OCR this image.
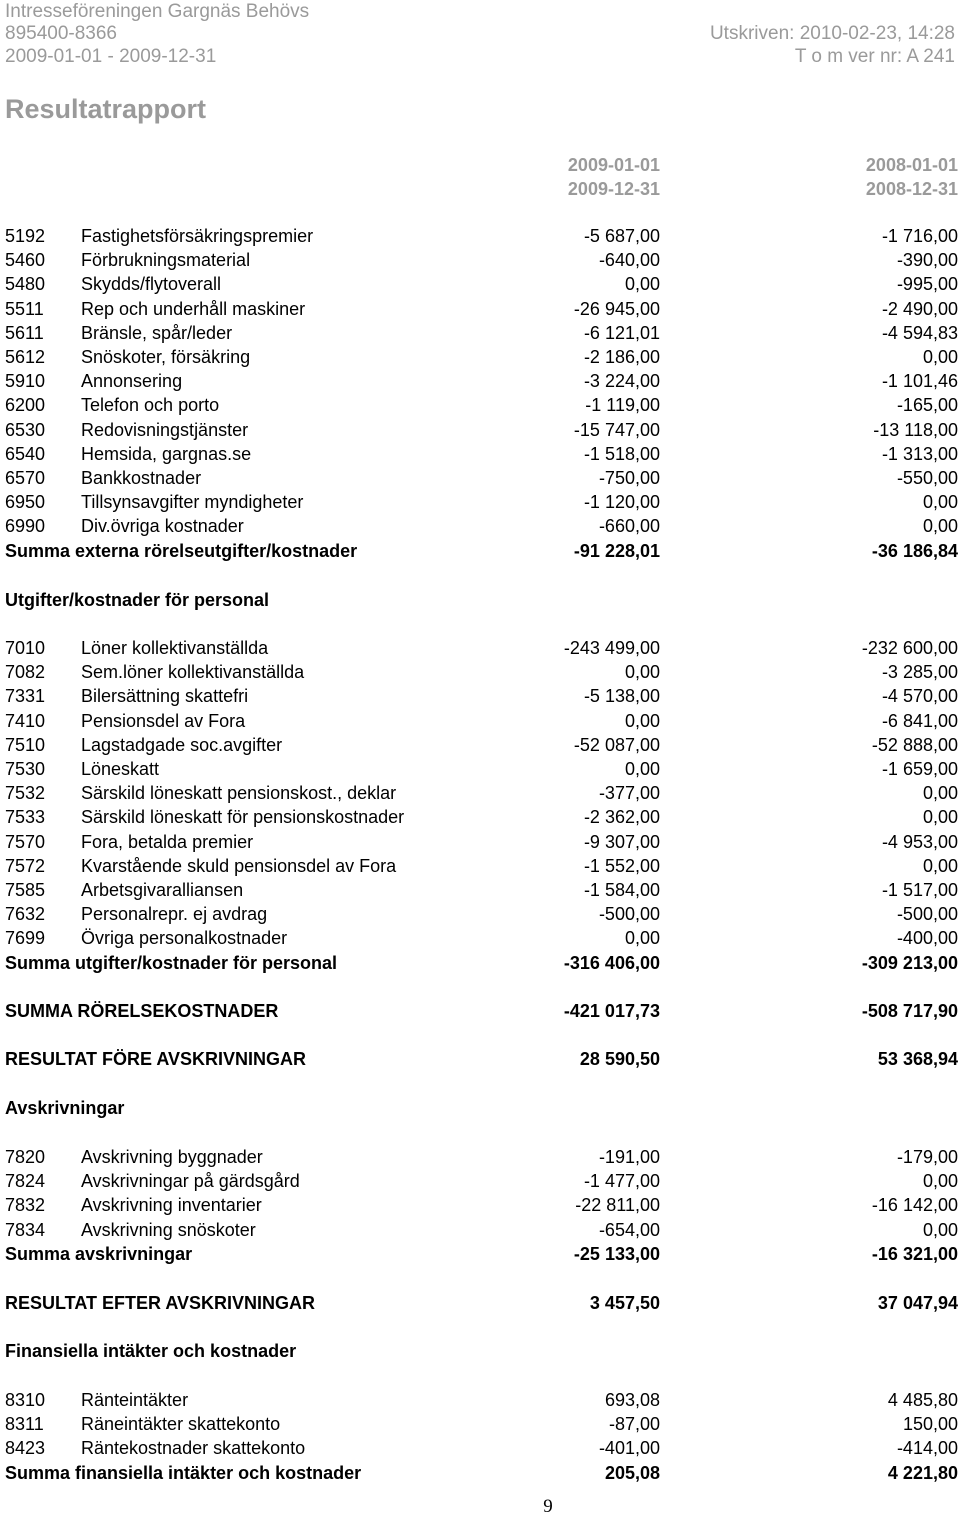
Intresseföreningen Gargnäs Behövs
895400-8366
2009-01-01 - 2009-12-31
Utskriven: 2010-02-23, 14:28
T o m ver nr: A 241
Resultatrapport
2009-01-01
2009-12-31
2008-01-01
2008-12-31
5192 Fastighetsförsäkringspremier	-5 687,00	-1 716,00
5460 Förbrukningsmaterial	-640,00	-390,00
5480 Skydds/flytoverall	0,00	-995,00
5511 Rep och underhåll maskiner	-26 945,00	-2 490,00
5611 Bränsle, spår/leder	-6 121,01	-4 594,83
5612 Snöskoter, försäkring	-2 186,00	0,00
5910 Annonsering	-3 224,00	-1 101,46
6200 Telefon och porto	-1 119,00	-165,00
6530 Redovisningstjänster	-15 747,00	-13 118,00
6540 Hemsida, gargnas.se	-1 518,00	-1 313,00
6570 Bankkostnader	-750,00	-550,00
6950 Tillsynsavgifter myndigheter	-1 120,00	0,00
6990 Div.övriga kostnader	-660,00	0,00
Summa externa rörelseutgifter/kostnader	-91 228,01	-36 186,84
Utgifter/kostnader för personal
7010 Löner kollektivanställda	-243 499,00	-232 600,00
7082 Sem.löner kollektivanställda	0,00	-3 285,00
7331 Bilersättning skattefri	-5 138,00	-4 570,00
7410 Pensionsdel av Fora	0,00	-6 841,00
7510 Lagstadgade soc.avgifter	-52 087,00	-52 888,00
7530 Löneskatt	0,00	-1 659,00
7532 Särskild löneskatt pensionskost., deklar	-377,00	0,00
7533 Särskild löneskatt för pensionskostnader	-2 362,00	0,00
7570 Fora, betalda premier	-9 307,00	-4 953,00
7572 Kvarstående skuld pensionsdel av Fora	-1 552,00	0,00
7585 Arbetsgivaralliansen	-1 584,00	-1 517,00
7632 Personalrepr. ej avdrag	-500,00	-500,00
7699 Övriga personalkostnader	0,00	-400,00
Summa utgifter/kostnader för personal	-316 406,00	-309 213,00
SUMMA RÖRELSEKOSTNADER	-421 017,73	-508 717,90
RESULTAT FÖRE AVSKRIVNINGAR	28 590,50	53 368,94
Avskrivningar
7820 Avskrivning byggnader	-191,00	-179,00
7824 Avskrivningar på gärdsgård	-1 477,00	0,00
7832 Avskrivning inventarier	-22 811,00	-16 142,00
7834 Avskrivning snöskoter	-654,00	0,00
Summa avskrivningar	-25 133,00	-16 321,00
RESULTAT EFTER AVSKRIVNINGAR	3 457,50	37 047,94
Finansiella intäkter och kostnader
8310 Ränteintäkter	693,08	4 485,80
8311 Räneintäkter skattekonto	-87,00	150,00
8423 Räntekostnader skattekonto	-401,00	-414,00
Summa finansiella intäkter och kostnader	205,08	4 221,80
9
